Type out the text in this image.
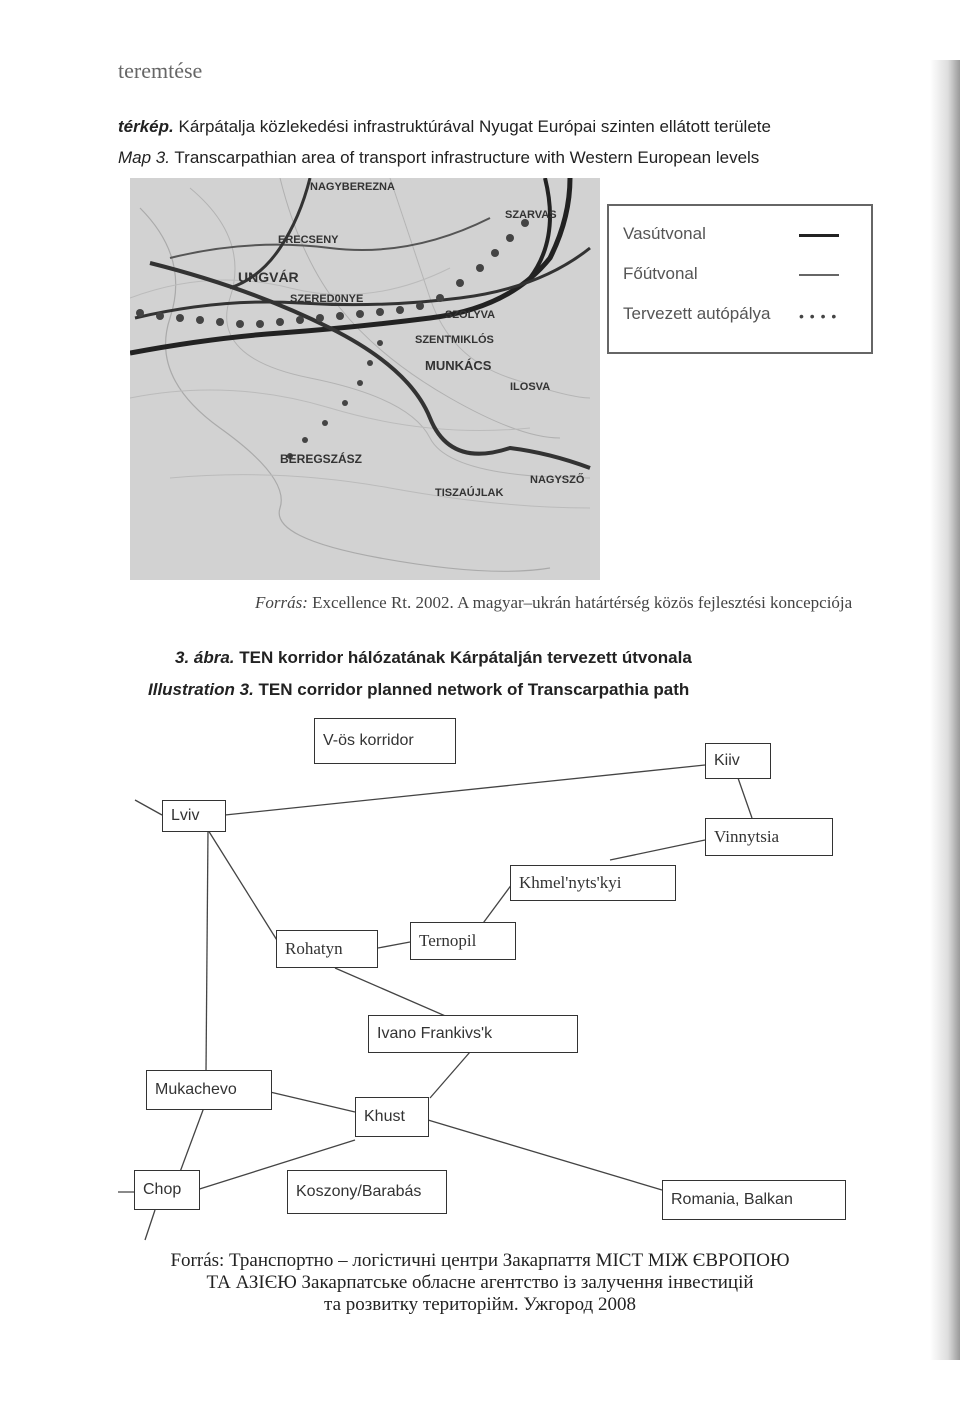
teremtése
térkép. Kárpátalja közlekedési infrastruktúrával Nyugat Európai szinten ellátott területe
Map 3. Transcarpathian area of transport infrastructure with Western European levels
NAGYBEREZNA
ERECSENY
UNGVÁR
SZERED0NYE
SZOLYVA
SZENTMIKLÓS
MUNKÁCS
ILOSVA
BEREGSZÁSZ
NAGYSZŐ
TISZAÚJLAK
SZARVAS
Vasútvonal
Főútvonal
Tervezett autópálya • • • •
Forrás: Excellence Rt. 2002. A magyar–ukrán határtérség közös fejlesztési koncepciója
3. ábra. TEN korridor hálózatának Kárpátalján tervezett útvonala
Illustration 3. TEN corridor planned network of Transcarpathia path
V-ös korridor
Kiiv
Lviv
Vinnytsia
Khmel'nyts'kyi
Rohatyn	Ternopil
Ivano Frankivs'k
Mukachevo
Khust
Chop	Koszony/Barabás	Romania, Balkan
Forrás: Транспортно – логістичні центри Закарпаття МІСТ МІЖ ЄВРОПОЮ
ТА АЗІЄЮ Закарпатське обласне агентство із залучення інвестицій
та розвитку територійм. Ужгород 2008
